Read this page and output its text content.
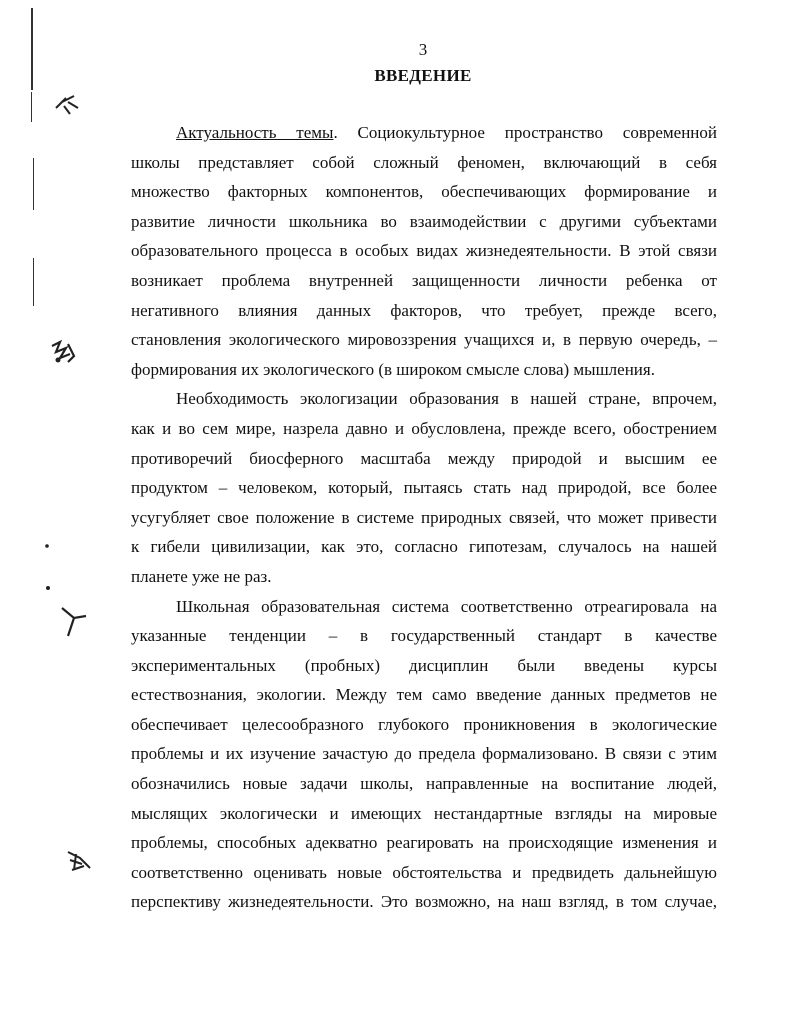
3
ВВЕДЕНИЕ
Актуальность темы. Социокультурное пространство современной
школы представляет собой сложный феномен, включающий в себя
множество факторных компонентов, обеспечивающих формирование и
развитие личности школьника во взаимодействии с другими субъектами
образовательного процесса в особых видах жизнедеятельности. В этой связи
возникает проблема внутренней защищенности личности ребенка от
негативного влияния данных факторов, что требует, прежде всего,
становления экологического мировоззрения учащихся и, в первую очередь, –
формирования их экологического (в широком смысле слова) мышления.
Необходимость экологизации образования в нашей стране, впрочем,
как и во сем мире, назрела давно и обусловлена, прежде всего, обострением
противоречий биосферного масштаба между природой и высшим ее
продуктом – человеком, который, пытаясь стать над природой, все более
усугубляет свое положение в системе природных связей, что может привести
к гибели цивилизации, как это, согласно гипотезам, случалось на нашей
планете уже не раз.
Школьная образовательная система соответственно отреагировала на
указанные тенденции – в государственный стандарт в качестве
экспериментальных (пробных) дисциплин были введены курсы
естествознания, экологии. Между тем само введение данных предметов не
обеспечивает целесообразного глубокого проникновения в экологические
проблемы и их изучение зачастую до предела формализовано. В связи с этим
обозначились новые задачи школы, направленные на воспитание людей,
мыслящих экологически и имеющих нестандартные взгляды на мировые
проблемы, способных адекватно реагировать на происходящие изменения и
соответственно оценивать новые обстоятельства и предвидеть дальнейшую
перспективу жизнедеятельности. Это возможно, на наш взгляд, в том случае,
